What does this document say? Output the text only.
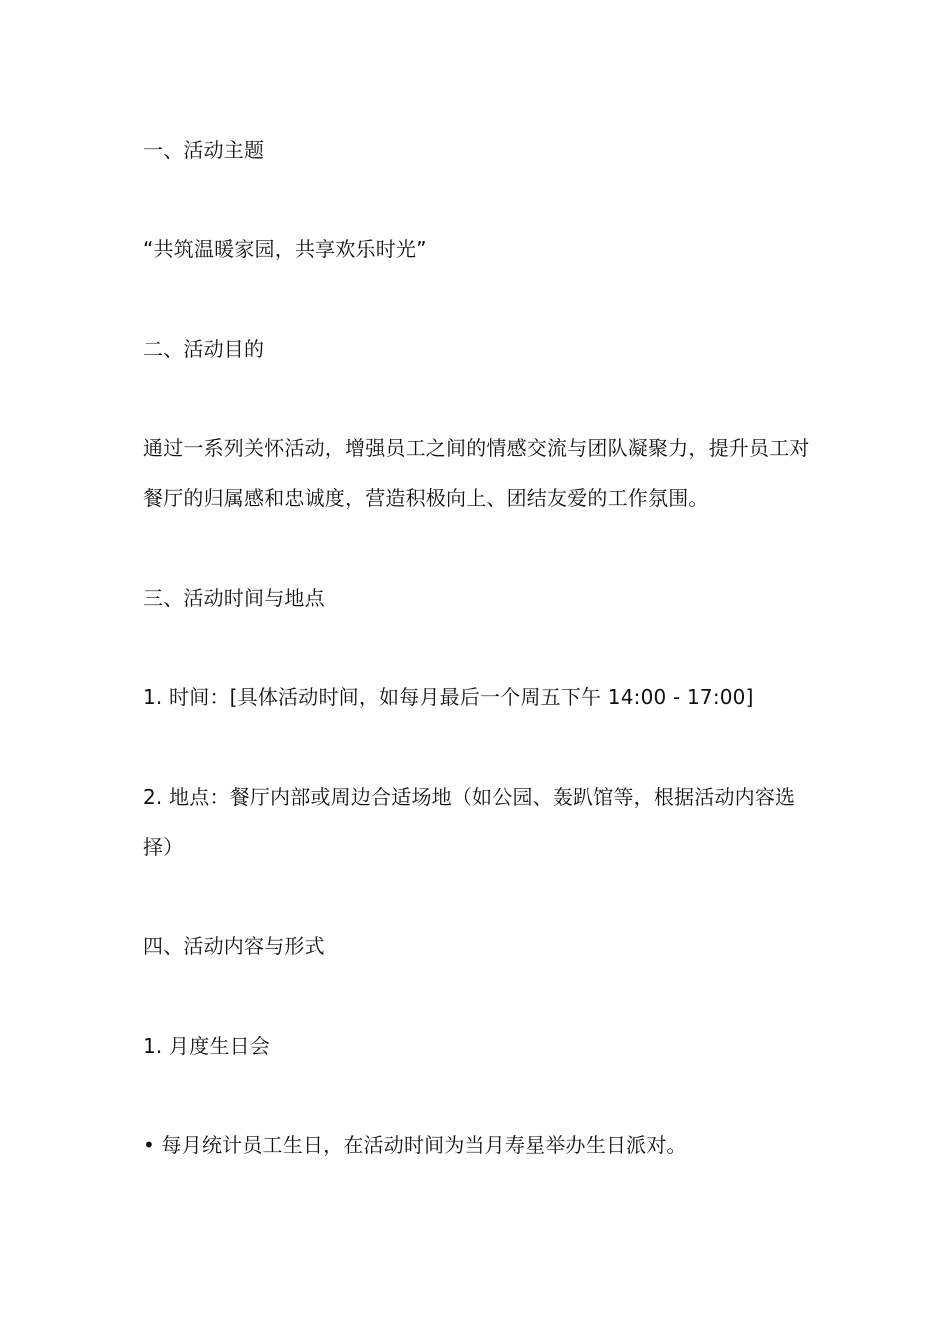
一、活动主题
“共筑温暖家园，共享欢乐时光”
二、活动目的
通过一系列关怀活动，增强员工之间的情感交流与团队凝聚力，提升员工对餐厅的归属感和忠诚度，营造积极向上、团结友爱的工作氛围。
三、活动时间与地点
1. 时间：[具体活动时间，如每月最后一个周五下午 14:00 - 17:00]
2. 地点：餐厅内部或周边合适场地（如公园、轰趴馆等，根据活动内容选择）
四、活动内容与形式
1. 月度生日会
• 每月统计员工生日，在活动时间为当月寿星举办生日派对。
